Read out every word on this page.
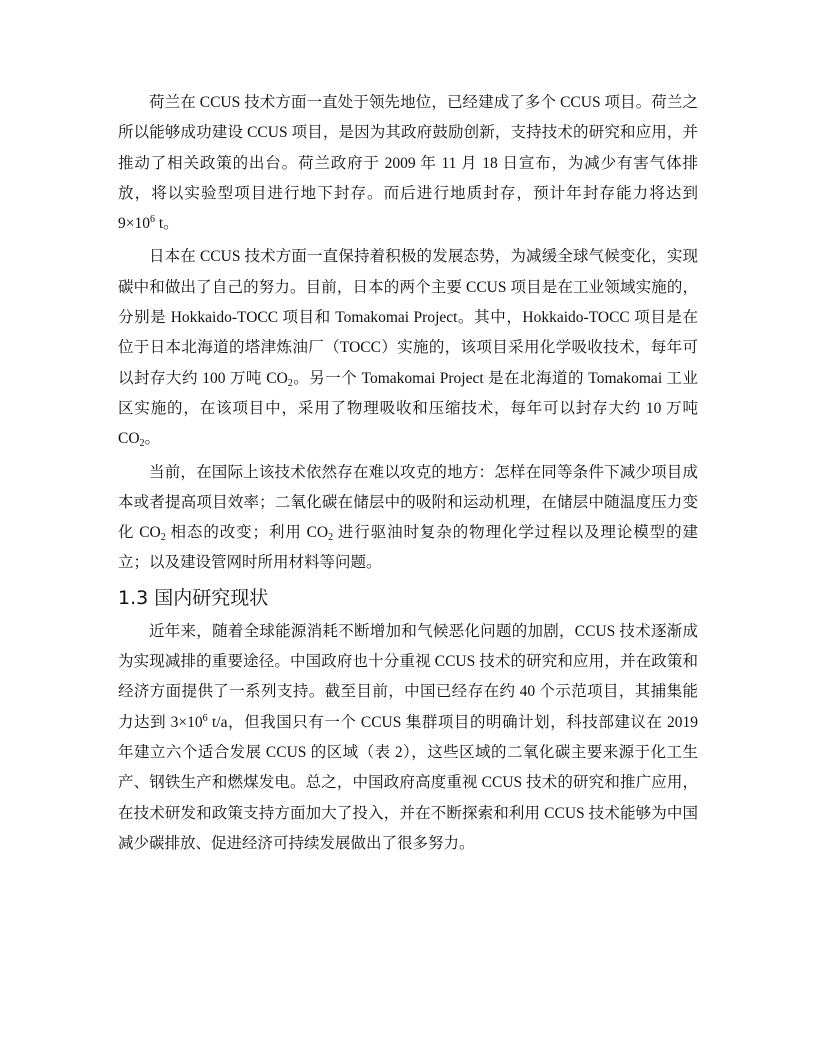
荷兰在 CCUS 技术方面一直处于领先地位，已经建成了多个 CCUS 项目。荷兰之所以能够成功建设 CCUS 项目，是因为其政府鼓励创新，支持技术的研究和应用，并推动了相关政策的出台。荷兰政府于 2009 年 11 月 18 日宣布，为减少有害气体排放，将以实验型项目进行地下封存。而后进行地质封存，预计年封存能力将达到 $9\times 10^6$ t。

日本在 CCUS 技术方面一直保持着积极的发展态势，为减缓全球气候变化，实现碳中和做出了自己的努力。目前，日本的两个主要 CCUS 项目是在工业领域实施的，分别是 Hokkaido-TOCC 项目和 Tomakomai Project。其中，Hokkaido-TOCC 项目是在位于日本北海道的塔津炼油厂（TOCC）实施的，该项目采用化学吸收技术，每年可以封存大约 100 万吨 $CO_2$。另一个 Tomakomai Project 是在北海道的 Tomakomai 工业区实施的，在该项目中，采用了物理吸收和压缩技术，每年可以封存大约 10 万吨 $CO_2$。

当前，在国际上该技术依然存在难以攻克的地方：怎样在同等条件下减少项目成本或者提高项目效率；二氧化碳在储层中的吸附和运动机理，在储层中随温度压力变化 $CO_2$ 相态的改变；利用 $CO_2$ 进行驱油时复杂的物理化学过程以及理论模型的建立；以及建设管网时所用材料等问题。

1.3 国内研究现状

近年来，随着全球能源消耗不断增加和气候恶化问题的加剧，CCUS 技术逐渐成为实现减排的重要途径。中国政府也十分重视 CCUS 技术的研究和应用，并在政策和经济方面提供了一系列支持。截至目前，中国已经存在约 40 个示范项目，其捕集能力达到 $3\times 10^6$ t/a，但我国只有一个 CCUS 集群项目的明确计划，科技部建议在 2019 年建立六个适合发展 CCUS 的区域（表 2），这些区域的二氧化碳主要来源于化工生产、钢铁生产和燃煤发电。总之，中国政府高度重视 CCUS 技术的研究和推广应用，在技术研发和政策支持方面加大了投入，并在不断探索和利用 CCUS 技术能够为中国减少碳排放、促进经济可持续发展做出了很多努力。
